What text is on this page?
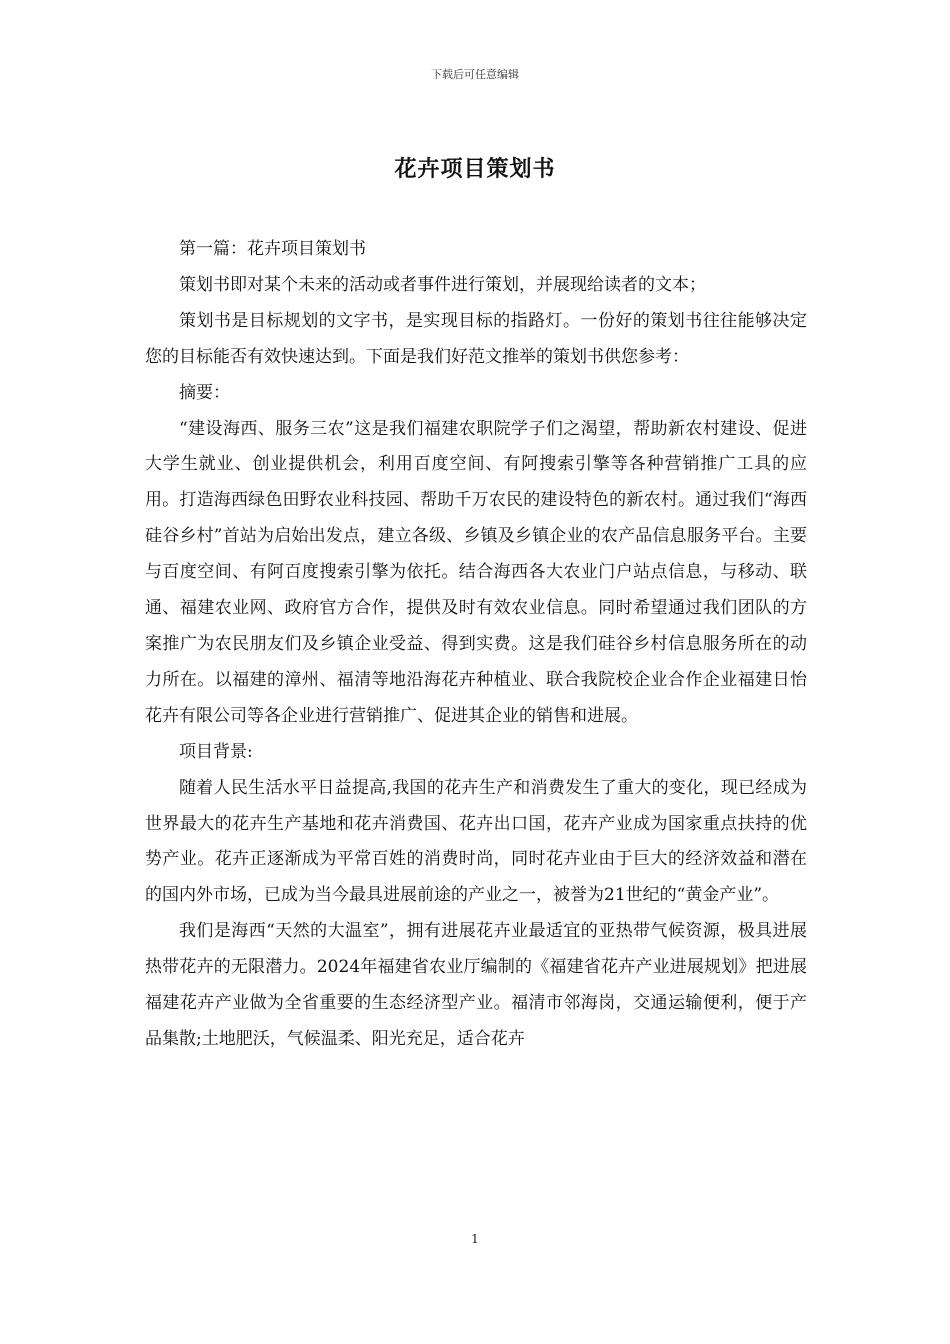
下载后可任意编辑
花卉项目策划书

第一篇：花卉项目策划书

策划书即对某个未来的活动或者事件进行策划，并展现给读者的文本；

策划书是目标规划的文字书，是实现目标的指路灯。一份好的策划书往往能够决定您的目标能否有效快速达到。下面是我们好范文推举的策划书供您参考：

摘要：

“建设海西、服务三农”这是我们福建农职院学子们之渴望，帮助新农村建设、促进大学生就业、创业提供机会，利用百度空间、有阿搜索引擎等各种营销推广工具的应用。打造海西绿色田野农业科技园、帮助千万农民的建设特色的新农村。通过我们“海西硅谷乡村”首站为启始出发点，建立各级、乡镇及乡镇企业的农产品信息服务平台。主要与百度空间、有阿百度搜索引擎为依托。结合海西各大农业门户站点信息，与移动、联通、福建农业网、政府官方合作，提供及时有效农业信息。同时希望通过我们团队的方案推广为农民朋友们及乡镇企业受益、得到实费。这是我们硅谷乡村信息服务所在的动力所在。以福建的漳州、福清等地沿海花卉种植业、联合我院校企业合作企业福建日怡花卉有限公司等各企业进行营销推广、促进其企业的销售和进展。

项目背景:

随着人民生活水平日益提高,我国的花卉生产和消费发生了重大的变化，现已经成为世界最大的花卉生产基地和花卉消费国、花卉出口国，花卉产业成为国家重点扶持的优势产业。花卉正逐渐成为平常百姓的消费时尚，同时花卉业由于巨大的经济效益和潜在的国内外市场，已成为当今最具进展前途的产业之一，被誉为21世纪的“黄金产业”。

我们是海西“天然的大温室”，拥有进展花卉业最适宜的亚热带气候资源，极具进展热带花卉的无限潜力。2024年福建省农业厅编制的《福建省花卉产业进展规划》把进展福建花卉产业做为全省重要的生态经济型产业。福清市邻海岗，交通运输便利，便于产品集散;土地肥沃，气候温柔、阳光充足，适合花卉

1
